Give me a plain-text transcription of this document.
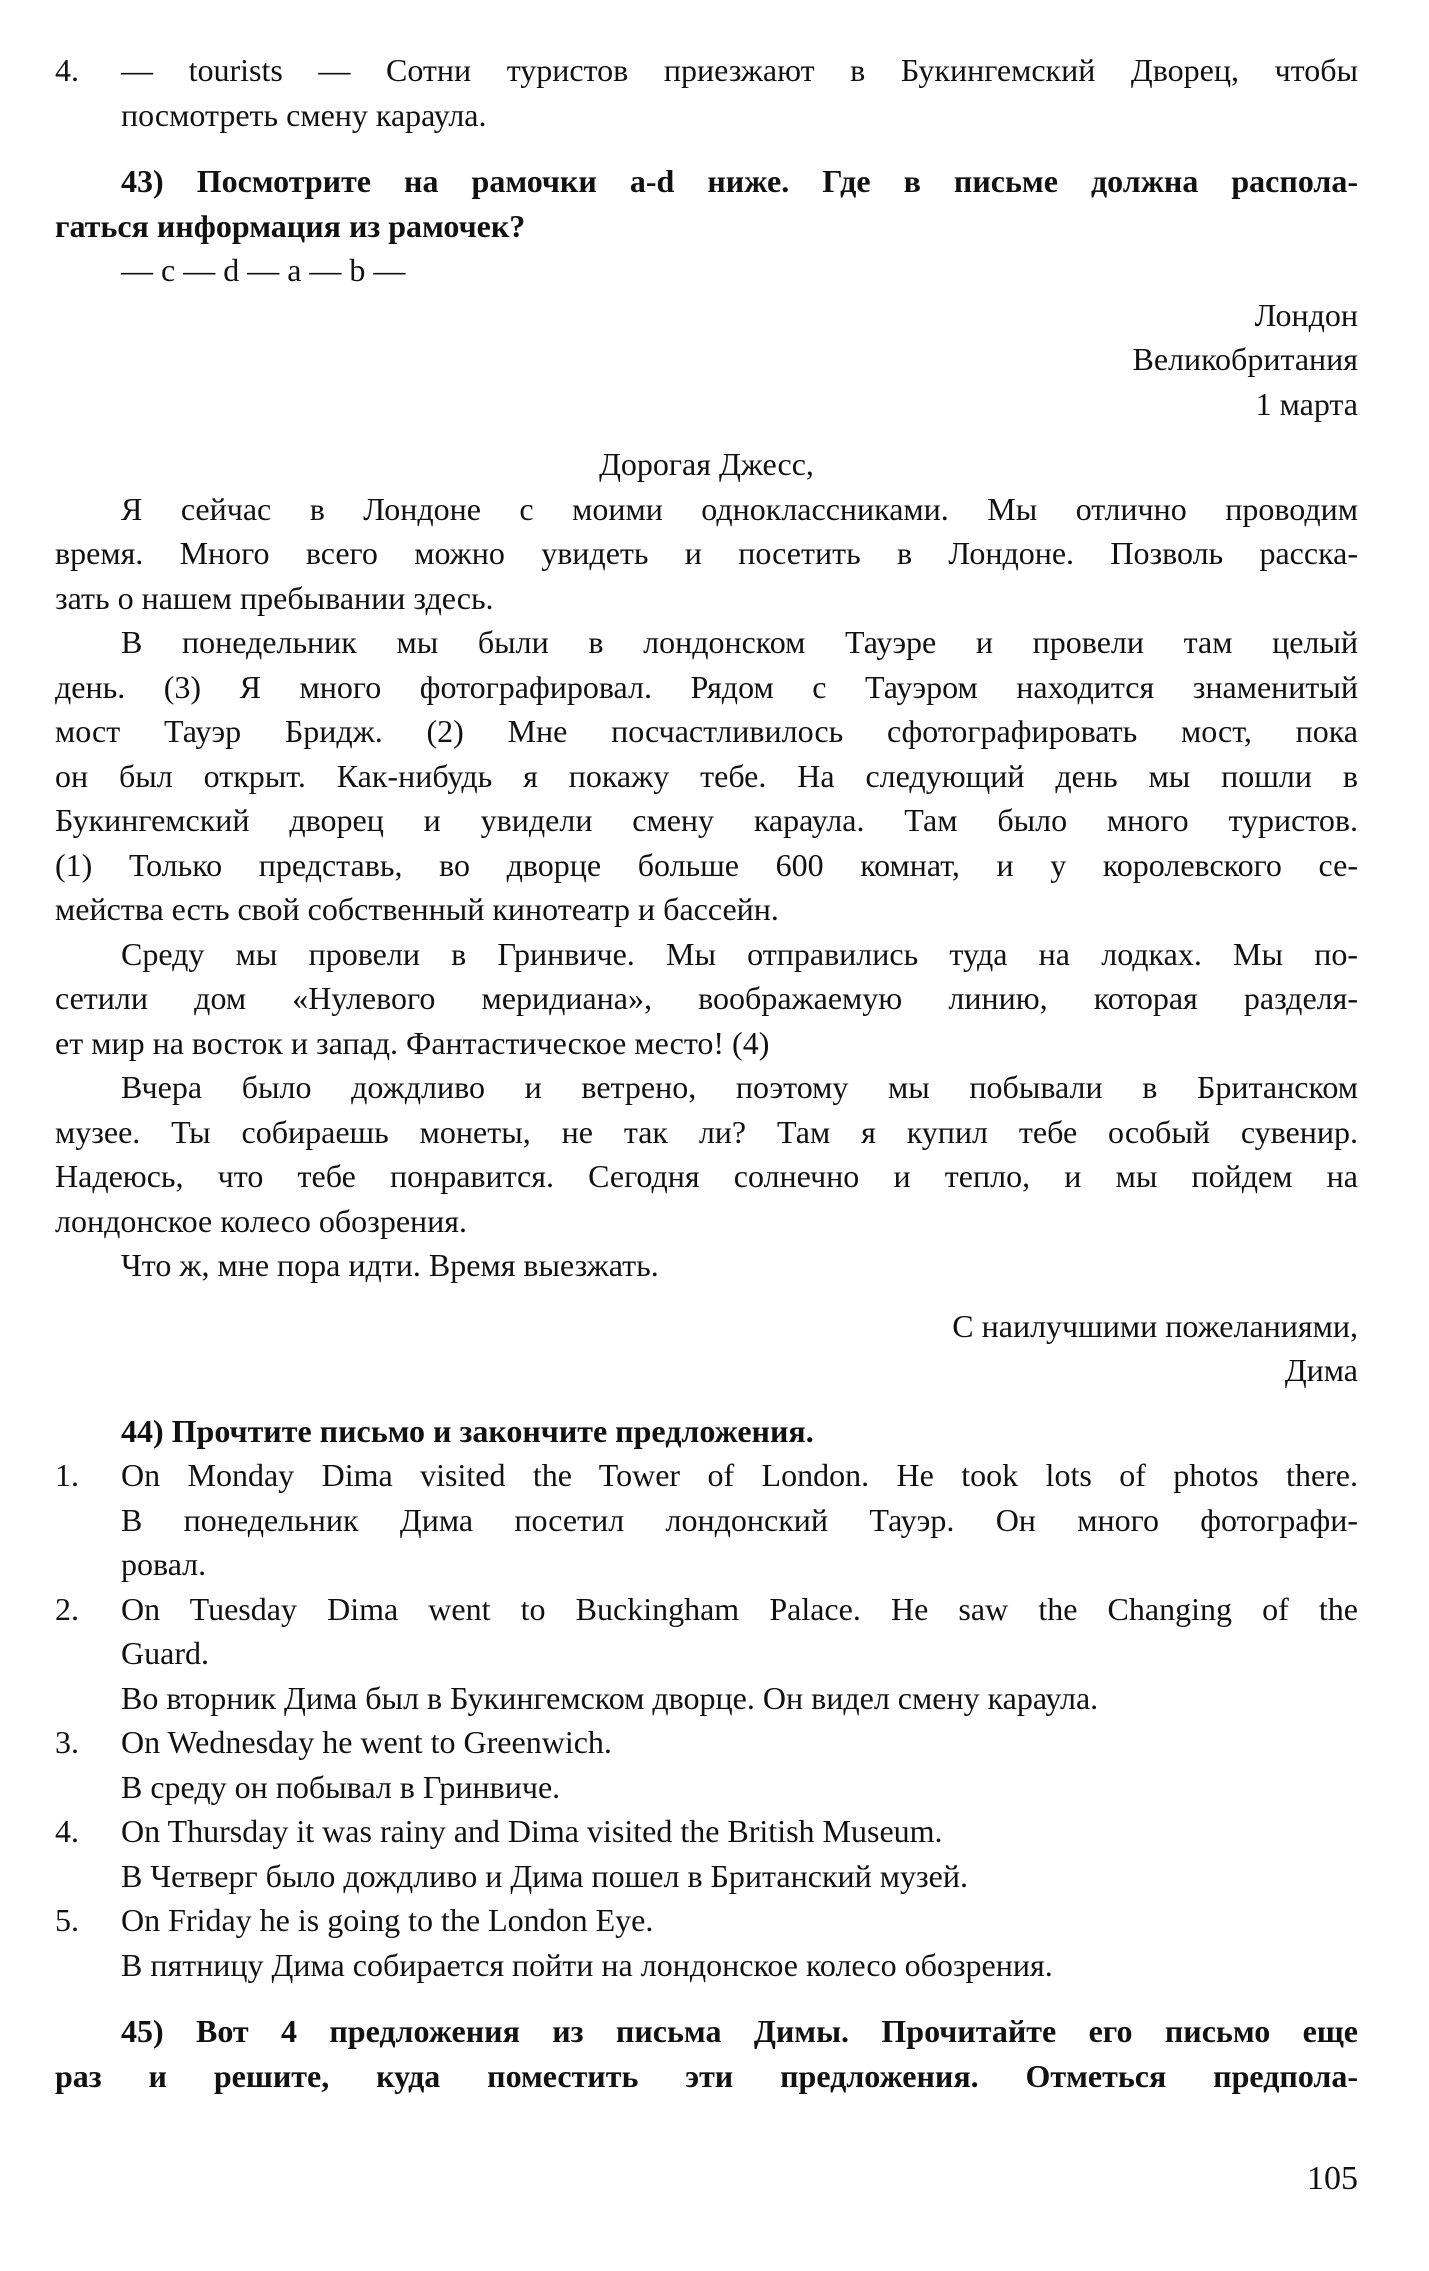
4.	— tourists — Сотни туристов приезжают в Букингемский Дворец, чтобы
посмотреть смену караула.
43) Посмотрите на рамочки a-d ниже. Где в письме должна распола-
гаться информация из рамочек?
— c — d — a — b —
Лондон
Великобритания
1 марта
Дорогая Джесс,
Я сейчас в Лондоне с моими одноклассниками. Мы отлично проводим
время. Много всего можно увидеть и посетить в Лондоне. Позволь расска-
зать о нашем пребывании здесь.
В понедельник мы были в лондонском Тауэре и провели там целый
день. (3) Я много фотографировал. Рядом с Тауэром находится знаменитый
мост Тауэр Бридж. (2) Мне посчастливилось сфотографировать мост, пока
он был открыт. Как-нибудь я покажу тебе. На следующий день мы пошли в
Букингемский дворец и увидели смену караула. Там было много туристов.
(1) Только представь, во дворце больше 600 комнат, и у королевского се-
мейства есть свой собственный кинотеатр и бассейн.
Среду мы провели в Гринвиче. Мы отправились туда на лодках. Мы по-
сетили дом «Нулевого меридиана», воображаемую линию, которая разделя-
ет мир на восток и запад. Фантастическое место! (4)
Вчера было дождливо и ветрено, поэтому мы побывали в Британском
музее. Ты собираешь монеты, не так ли? Там я купил тебе особый сувенир.
Надеюсь, что тебе понравится. Сегодня солнечно и тепло, и мы пойдем на
лондонское колесо обозрения.
Что ж, мне пора идти. Время выезжать.
С наилучшими пожеланиями,
Дима
44) Прочтите письмо и закончите предложения.
1.	On Monday Dima visited the Tower of London. He took lots of photos there.
В понедельник Дима посетил лондонский Тауэр. Он много фотографи-
ровал.
2.	On Tuesday Dima went to Buckingham Palace. He saw the Changing of the
Guard.
Во вторник Дима был в Букингемском дворце. Он видел смену караула.
3.	On Wednesday he went to Greenwich.
В среду он побывал в Гринвиче.
4.	On Thursday it was rainy and Dima visited the British Museum.
В Четверг было дождливо и Дима пошел в Британский музей.
5.	On Friday he is going to the London Eye.
В пятницу Дима собирается пойти на лондонское колесо обозрения.
45) Вот 4 предложения из письма Димы. Прочитайте его письмо еще
раз и решите, куда поместить эти предложения. Отметься предпола-
105
